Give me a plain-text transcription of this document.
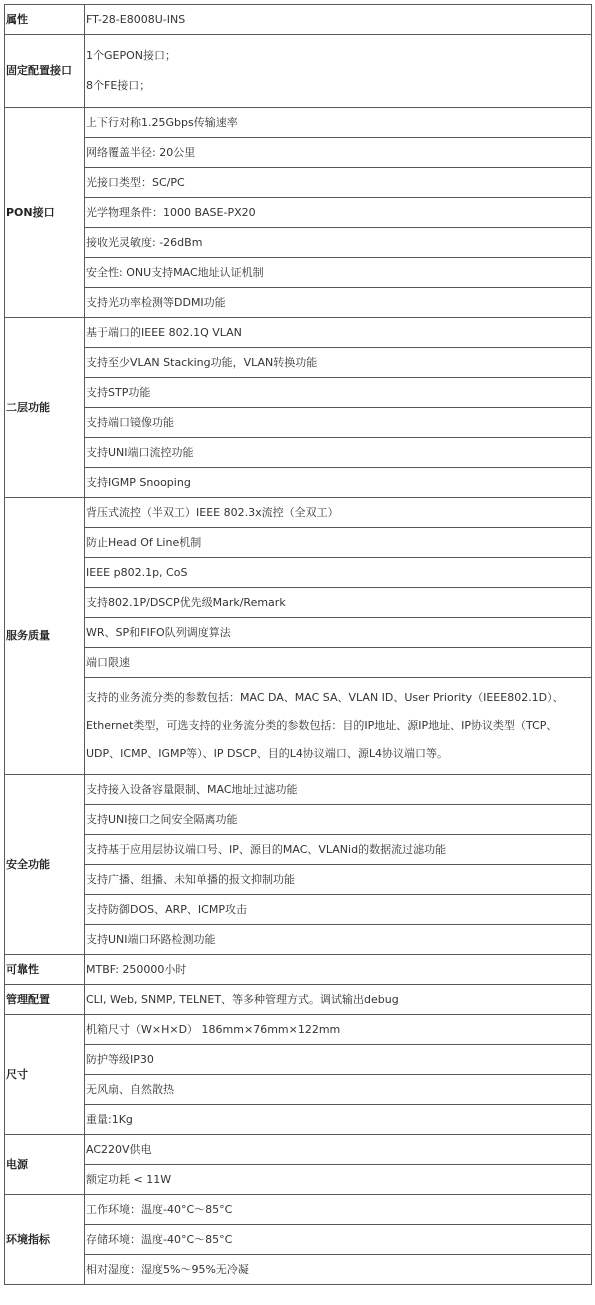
属性	FT-28-E8008U-INS
固定配置接口	1个GEPON接口；
8个FE接口；

PON接口	上下行对称1.25Gbps传输速率
	网络覆盖半径: 20公里
	光接口类型：SC/PC
	光学物理条件：1000 BASE-PX20
	接收光灵敏度: -26dBm
	安全性: ONU支持MAC地址认证机制
	支持光功率检测等DDMI功能
二层功能	基于端口的IEEE 802.1Q VLAN
	支持至少VLAN Stacking功能，VLAN转换功能
	支持STP功能
	支持端口镜像功能
	支持UNI端口流控功能
	支持IGMP Snooping
服务质量	背压式流控（半双工）IEEE 802.3x流控（全双工）
	防止Head Of Line机制
	IEEE p802.1p, CoS
	支持802.1P/DSCP优先级Mark/Remark
	WR、SP和FIFO队列调度算法
	端口限速
	支持的业务流分类的参数包括：MAC DA、MAC SA、VLAN ID、User Priority（IEEE802.1D）、Ethernet类型，可选支持的业务流分类的参数包括：目的IP地址、源IP地址、IP协议类型（TCP、UDP、ICMP、IGMP等）、IP DSCP、目的L4协议端口、源L4协议端口等。
安全功能	支持接入设备容量限制、MAC地址过滤功能
	支持UNI接口之间安全隔离功能
	支持基于应用层协议端口号、IP、源目的MAC、VLANid的数据流过滤功能
	支持广播、组播、未知单播的报文抑制功能
	支持防御DOS、ARP、ICMP攻击
	支持UNI端口环路检测功能
可靠性	MTBF: 250000小时
管理配置	CLI, Web, SNMP, TELNET、等多种管理方式。调试输出debug
尺寸	机箱尺寸（W×H×D） 186mm×76mm×122mm
	防护等级IP30
	无风扇、自然散热
	重量:1Kg
电源	AC220V供电
	额定功耗 < 11W
环境指标	工作环境：温度-40°C～85°C
	存储环境：温度-40°C～85°C
	相对湿度：湿度5%～95%无冷凝
